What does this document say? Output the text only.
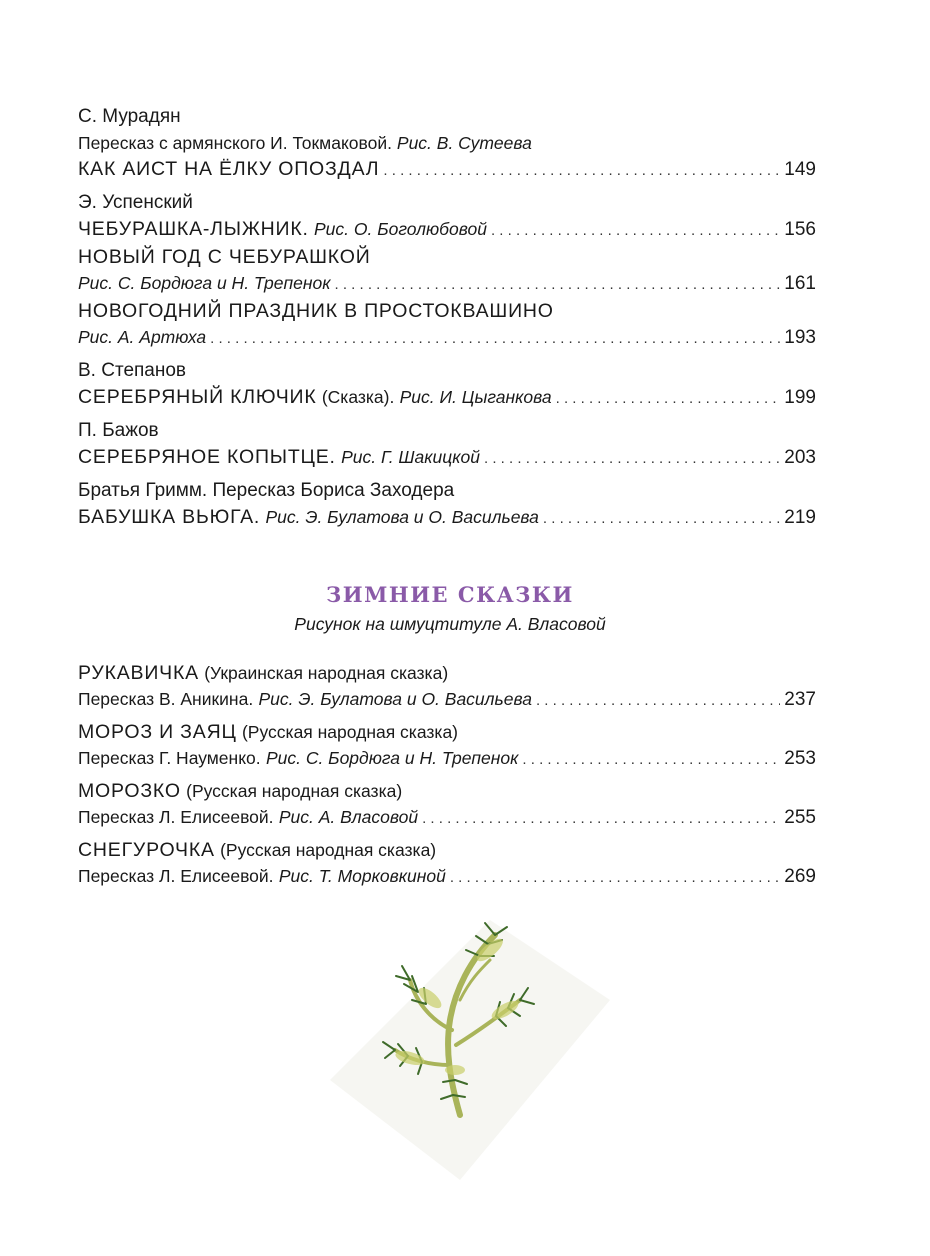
С. Мурадян
Пересказ с армянского И. Токмаковой. Рис. В. Сутеева
КАК АИСТ НА ЁЛКУ ОПОЗДАЛ . . .	149
Э. Успенский
ЧЕБУРАШКА-ЛЫЖНИК. Рис. О. Боголюбовой . . .	156
НОВЫЙ ГОД С ЧЕБУРАШКОЙ
Рис. С. Бордюга и Н. Трепенок . . .	161
НОВОГОДНИЙ ПРАЗДНИК В ПРОСТОКВАШИНО
Рис. А. Артюха . . .	193
В. Степанов
СЕРЕБРЯНЫЙ КЛЮЧИК (Сказка). Рис. И. Цыганкова . . .	199
П. Бажов
СЕРЕБРЯНОЕ КОПЫТЦЕ. Рис. Г. Шакицкой . . .	203
Братья Гримм. Пересказ Бориса Заходера
БАБУШКА ВЬЮГА. Рис. Э. Булатова и О. Васильева . . .	219
ЗИМНИЕ СКАЗКИ
Рисунок на шмуцтитуле А. Власовой
РУКАВИЧКА (Украинская народная сказка)
Пересказ В. Аникина. Рис. Э. Булатова и О. Васильева . . .	237
МОРОЗ И ЗАЯЦ (Русская народная сказка)
Пересказ Г. Науменко. Рис. С. Бордюга и Н. Трепенок . . .	253
МОРОЗКО (Русская народная сказка)
Пересказ Л. Елисеевой. Рис. А. Власовой . . .	255
СНЕГУРОЧКА (Русская народная сказка)
Пересказ Л. Елисеевой. Рис. Т. Морковкиной . . .	269
